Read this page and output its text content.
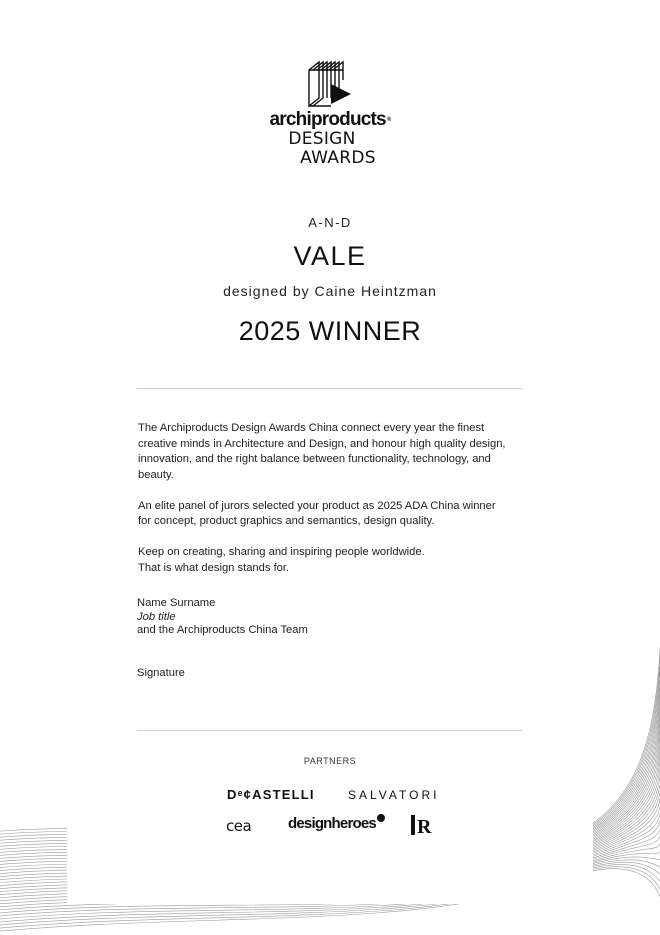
archiproducts®
DESIGN
AWARDS
A-N-D
VALE
designed by Caine Heintzman
2025 WINNER

The Archiproducts Design Awards China connect every year the finest
creative minds in Architecture and Design, and honour high quality design,
innovation, and the right balance between functionality, technology, and
beauty.

An elite panel of jurors selected your product as 2025 ADA China winner
for concept, product graphics and semantics, design quality.

Keep on creating, sharing and inspiring people worldwide.
That is what design stands for.

Name Surname
Job title
and the Archiproducts China Team
Signature
PARTNERS
Dᵉ¢ASTELLI	SALVATORI
cea designheroes	R
